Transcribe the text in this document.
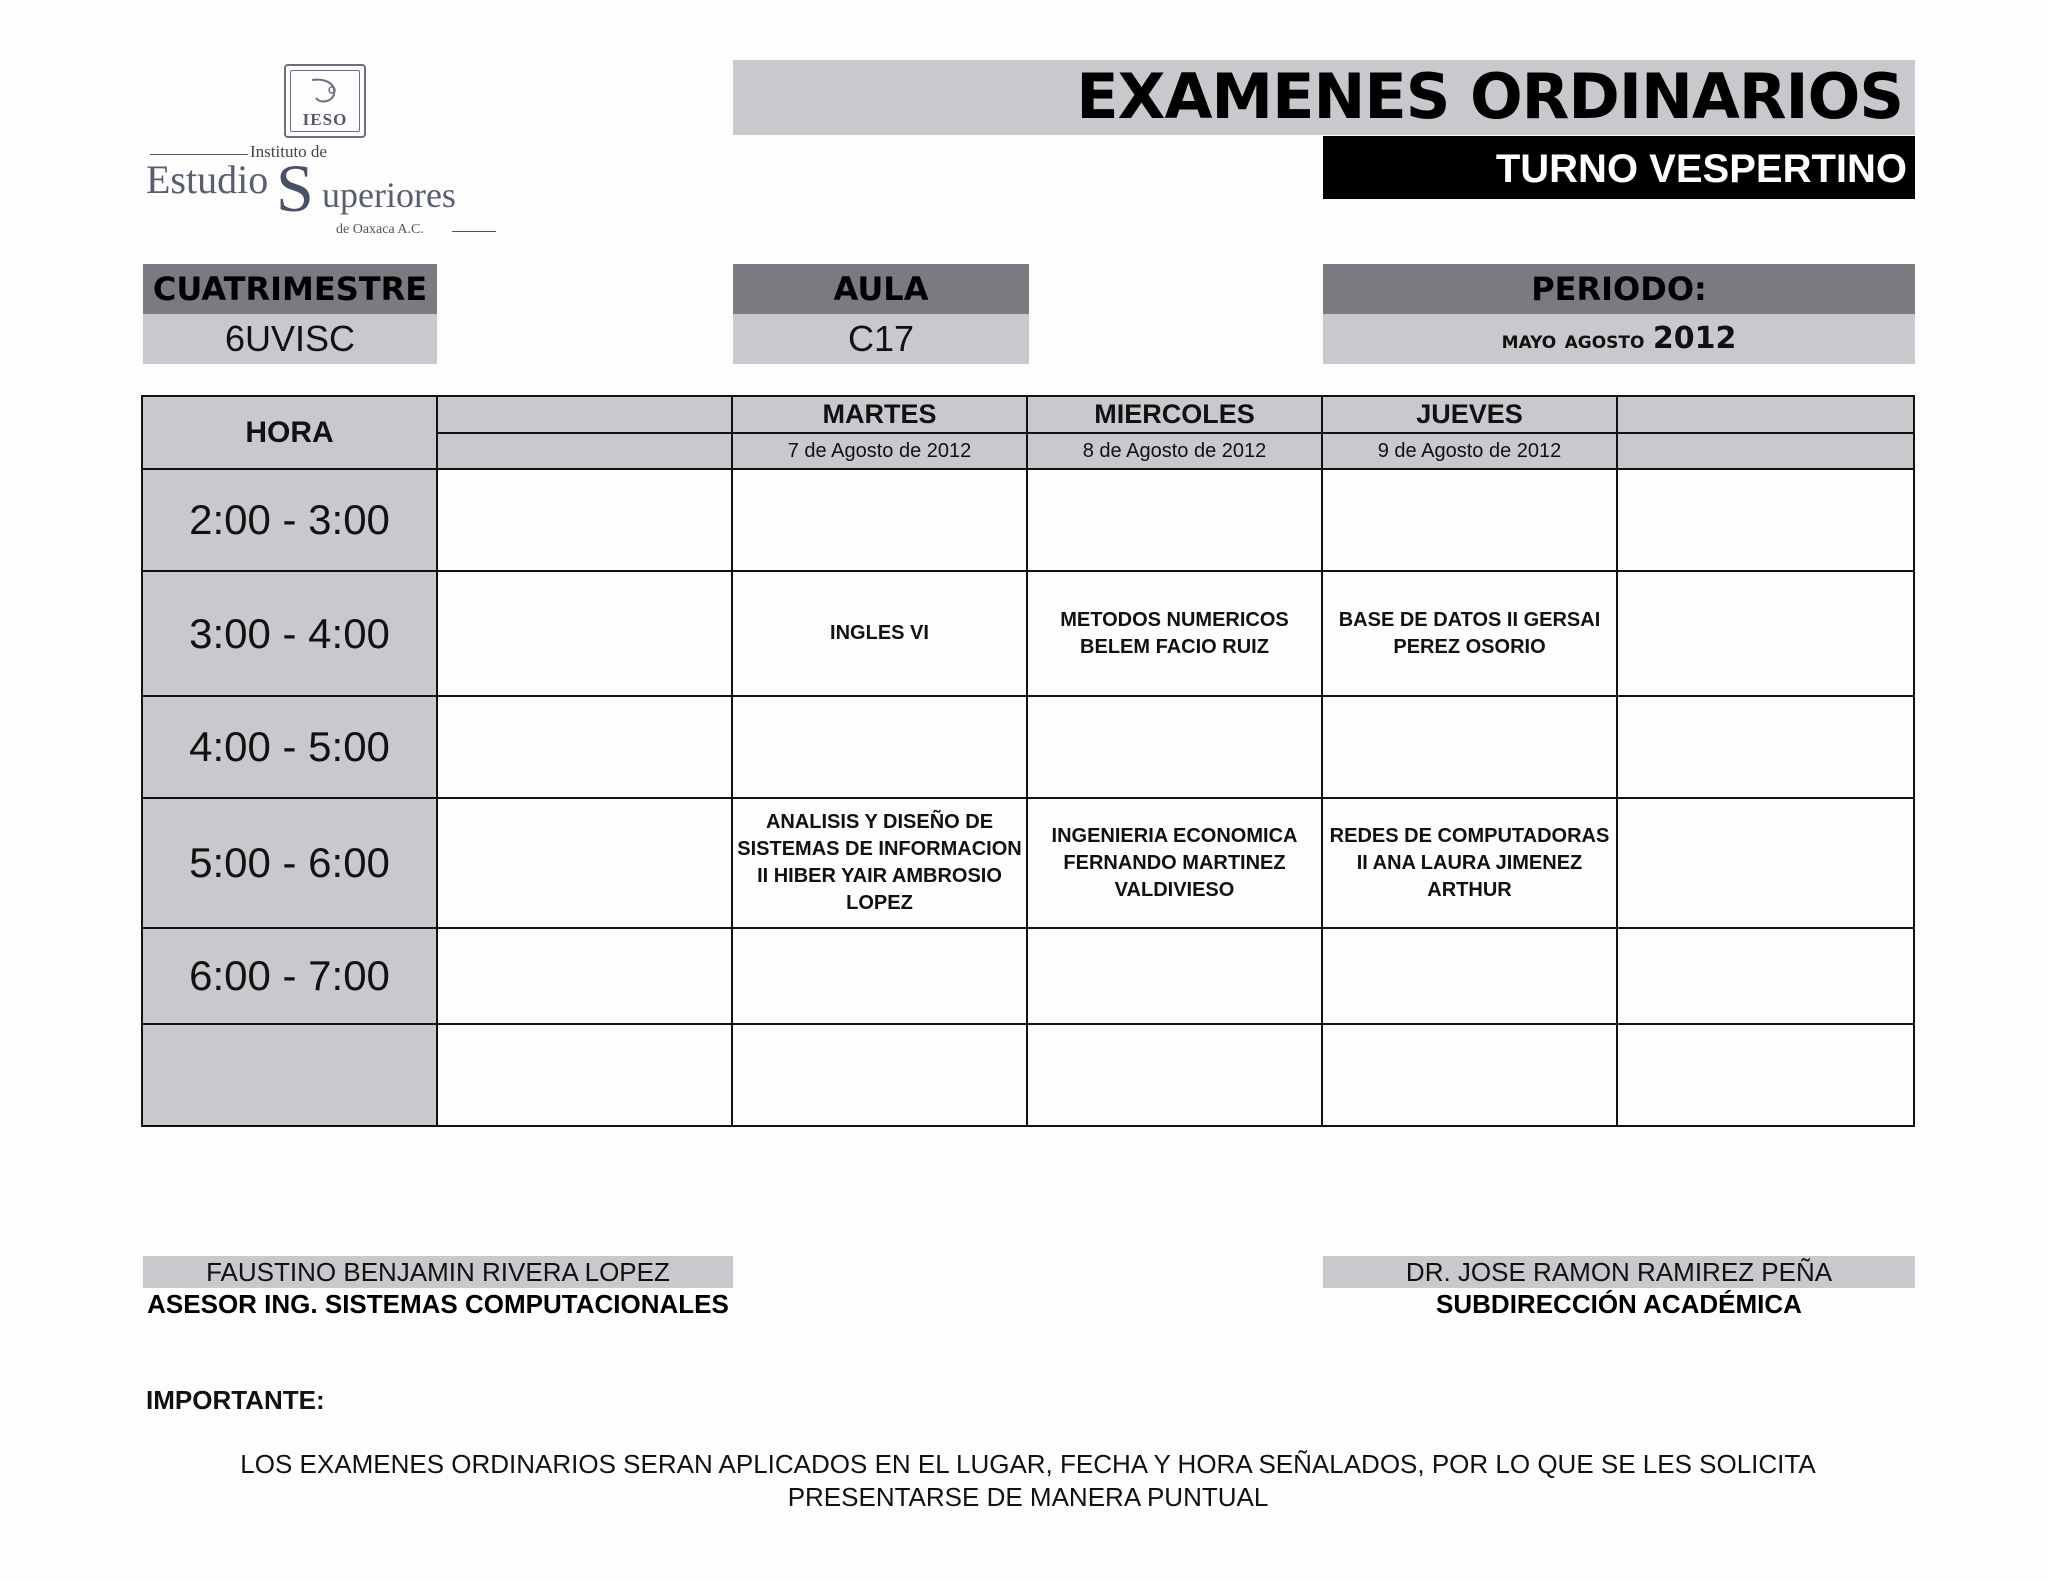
IESO
Instituto de
Estudio S uperiores
de Oaxaca A.C.
EXAMENES ORDINARIOS
TURNO VESPERTINO
CUATRIMESTRE
6UVISC
AULA
C17
PERIODO:
mayo agosto 2012
HORA
MARTES
7 de Agosto de 2012
MIERCOLES
8 de Agosto de 2012
JUEVES
9 de Agosto de 2012
2:00 - 3:00
3:00 - 4:00	INGLES VI
METODOS NUMERICOS BELEM FACIO RUIZ
BASE DE DATOS II GERSAI PEREZ OSORIO
4:00 - 5:00
5:00 - 6:00
ANALISIS Y DISEÑO DE SISTEMAS DE INFORMACION II HIBER YAIR AMBROSIO LOPEZ
INGENIERIA ECONOMICA FERNANDO MARTINEZ VALDIVIESO
REDES DE COMPUTADORAS II ANA LAURA JIMENEZ ARTHUR
6:00 - 7:00
FAUSTINO BENJAMIN RIVERA LOPEZ
ASESOR ING. SISTEMAS COMPUTACIONALES
DR. JOSE RAMON RAMIREZ PEÑA
SUBDIRECCIÓN ACADÉMICA
IMPORTANTE:
LOS EXAMENES ORDINARIOS SERAN APLICADOS EN EL LUGAR, FECHA Y HORA SEÑALADOS, POR LO QUE SE LES SOLICITA
PRESENTARSE DE MANERA PUNTUAL
